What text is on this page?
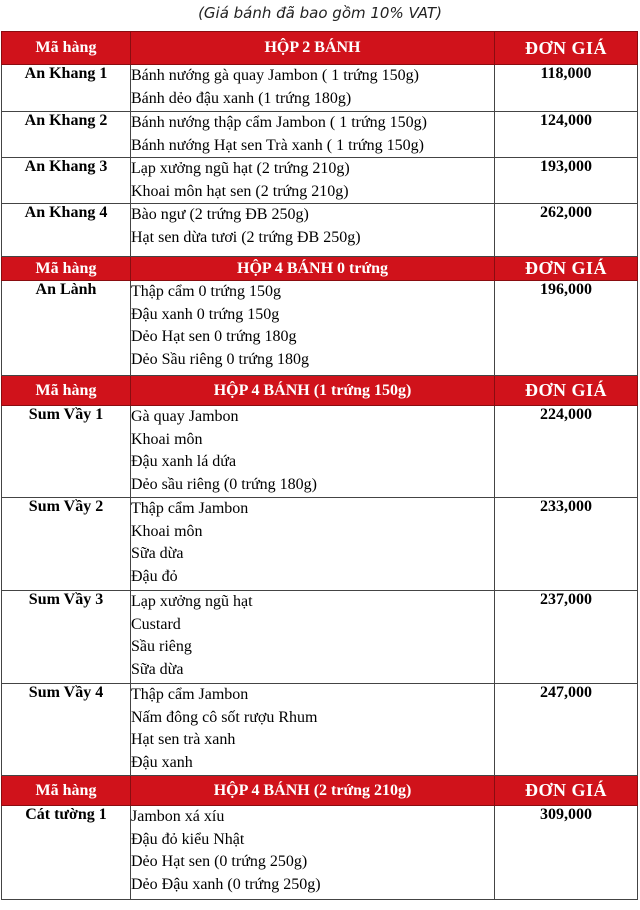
(Giá bánh đã bao gồm 10% VAT)
Mã hàng	HỘP 2 BÁNH	ĐƠN GIÁ
An Khang 1	Bánh nướng gà quay Jambon ( 1 trứng 150g)
Bánh dẻo đậu xanh (1 trứng 180g)	118,000
An Khang 2	Bánh nướng thập cẩm Jambon ( 1 trứng 150g)
Bánh nướng Hạt sen Trà xanh ( 1 trứng 150g)	124,000
An Khang 3	Lạp xưởng ngũ hạt (2 trứng 210g)
Khoai môn hạt sen (2 trứng 210g)	193,000
An Khang 4	Bào ngư (2 trứng ĐB 250g)
Hạt sen dừa tươi (2 trứng ĐB 250g)	262,000
Mã hàng	HỘP 4 BÁNH 0 trứng	ĐƠN GIÁ
An Lành	Thập cẩm 0 trứng 150g
Đậu xanh 0 trứng 150g
Dẻo Hạt sen 0 trứng 180g
Dẻo Sầu riêng 0 trứng 180g	196,000
Mã hàng	HỘP 4 BÁNH (1 trứng 150g)	ĐƠN GIÁ
Sum Vầy 1	Gà quay Jambon
Khoai môn
Đậu xanh lá dứa
Dẻo sầu riêng (0 trứng 180g)	224,000
Sum Vầy 2	Thập cẩm Jambon
Khoai môn
Sữa dừa
Đậu đỏ	233,000
Sum Vầy 3	Lạp xưởng ngũ hạt
Custard
Sầu riêng
Sữa dừa	237,000
Sum Vầy 4	Thập cẩm Jambon
Nấm đông cô sốt rượu Rhum
Hạt sen trà xanh
Đậu xanh	247,000
Mã hàng	HỘP 4 BÁNH (2 trứng 210g)	ĐƠN GIÁ
Cát tường 1	Jambon xá xíu
Đậu đỏ kiểu Nhật
Dẻo Hạt sen (0 trứng 250g)
Dẻo Đậu xanh (0 trứng 250g)	309,000
